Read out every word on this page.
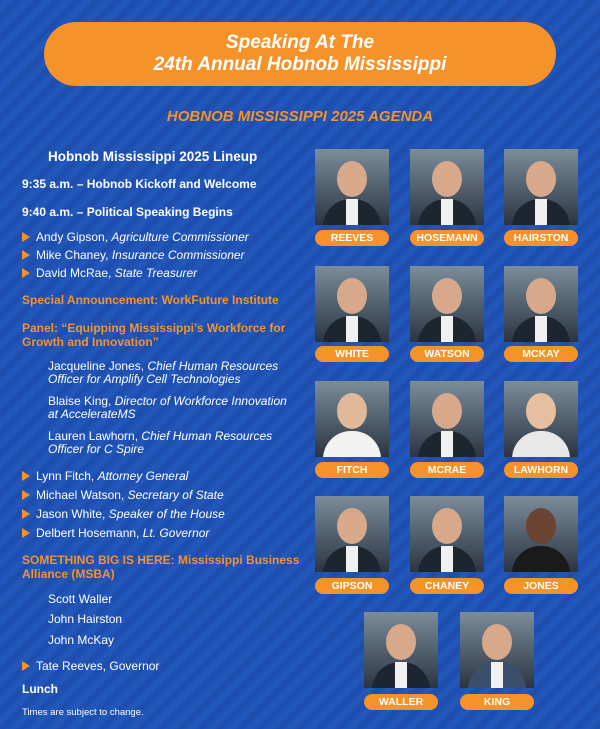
Speaking At The
24th Annual Hobnob Mississippi
HOBNOB MISSISSIPPI 2025 AGENDA
Hobnob Mississippi 2025 Lineup
9:35 a.m. – Hobnob Kickoff and Welcome
9:40 a.m. – Political Speaking Begins
Andy Gipson, Agriculture Commissioner
Mike Chaney, Insurance Commissioner
David McRae, State Treasurer
Special Announcement: WorkFuture Institute
Panel: “Equipping Mississippi’s Workforce for
Growth and Innovation”
Jacqueline Jones, Chief Human Resources
Officer for Amplify Cell Technologies
Blaise King, Director of Workforce Innovation
at AccelerateMS
Lauren Lawhorn, Chief Human Resources
Officer for C Spire
Lynn Fitch, Attorney General
Michael Watson, Secretary of State
Jason White, Speaker of the House
Delbert Hosemann, Lt. Governor
SOMETHING BIG IS HERE: Mississippi Business
Alliance (MSBA)
Scott Waller
John Hairston
John McKay
Tate Reeves, Governor
Lunch
Times are subject to change.
REEVES	HOSEMANN	HAIRSTON
WHITE	WATSON	MCKAY
FITCH	MCRAE	LAWHORN
GIPSON	CHANEY	JONES
WALLER	KING
